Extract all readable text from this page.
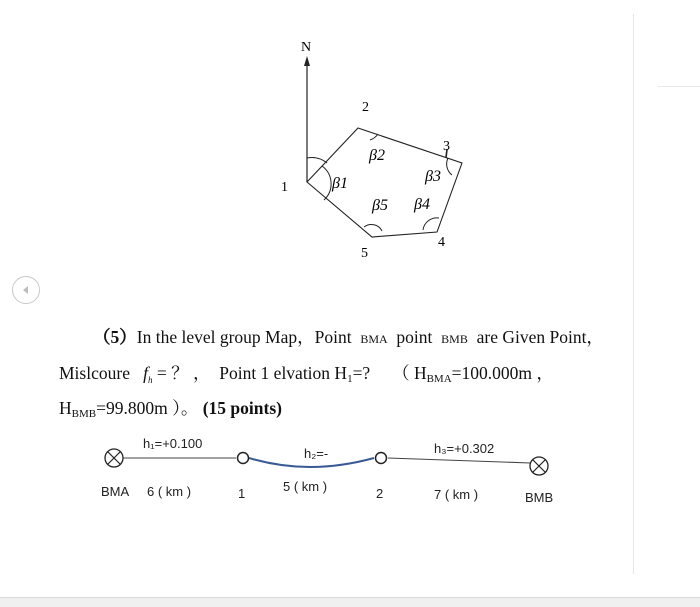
N
1
2
3
4
5
β1
β2
β3
β4
β5
（5）In the level group Map，Point BMA point BMB are Given Point，
Mislcoure $f_h$ = ？ ， Point 1 elvation $H_1=$? （ $H_{BMA}=100.000m$ ，
$H_{BMB}=99.800m$ ）。 (15 points)
h₁=+0.100
h₂=-	h₃=+0.302
BMA 6 ( km )	1	5 ( km )	2	7 ( km )	BMB
